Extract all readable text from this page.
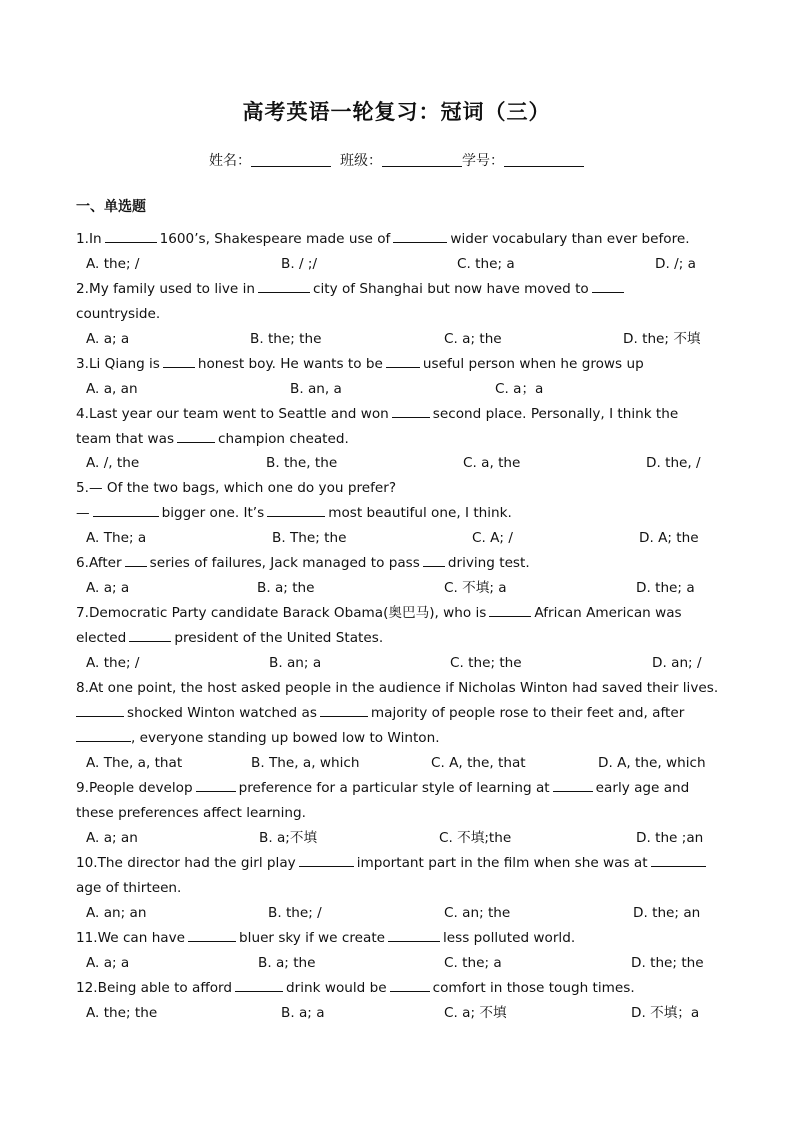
高考英语一轮复习：冠词（三）
姓名：	班级：	学号：
一、单选题
1.In	1600’s, Shakespeare made use of	wider vocabulary than ever before.
A. the; /	B. / ;/	C. the; a	D. /; a
2.My family used to live in	city of Shanghai but now have moved to
countryside.
A. a; a	B. the; the	C. a; the	D. the; 不填
3.Li Qiang is	honest boy. He wants to be	useful person when he grows up
A. a, an	B. an, a	C. a；a
4.Last year our team went to Seattle and won	second place. Personally, I think the
team that was	champion cheated.
A. /, the	B. the, the	C. a, the	D. the, /
5.— Of the two bags, which one do you prefer?
—	bigger one. It’s	most beautiful one, I think.
A. The; a	B. The; the	C. A; /	D. A; the
6.After series of failures, Jack managed to pass driving test.
A. a; a	B. a; the	C. 不填; a	D. the; a
7.Democratic Party candidate Barack Obama(奥巴马), who is	African American was
elected	president of the United States.
A. the; /	B. an; a	C. the; the	D. an; /
8.At one point, the host asked people in the audience if Nicholas Winton had saved their lives.
shocked Winton watched as	majority of people rose to their feet and, after
, everyone standing up bowed low to Winton.
A. The, a, that	B. The, a, which	C. A, the, that	D. A, the, which
9.People develop	preference for a particular style of learning at	early age and
these preferences affect learning.
A. a; an	B. a;不填	C. 不填;the	D. the ;an
10.The director had the girl play	important part in the film when she was at
age of thirteen.
A. an; an	B. the; /	C. an; the	D. the; an
11.We can have	bluer sky if we create	less polluted world.
A. a; a	B. a; the	C. the; a	D. the; the
12.Being able to afford	drink would be	comfort in those tough times.
A. the; the	B. a; a	C. a; 不填	D. 不填；a
